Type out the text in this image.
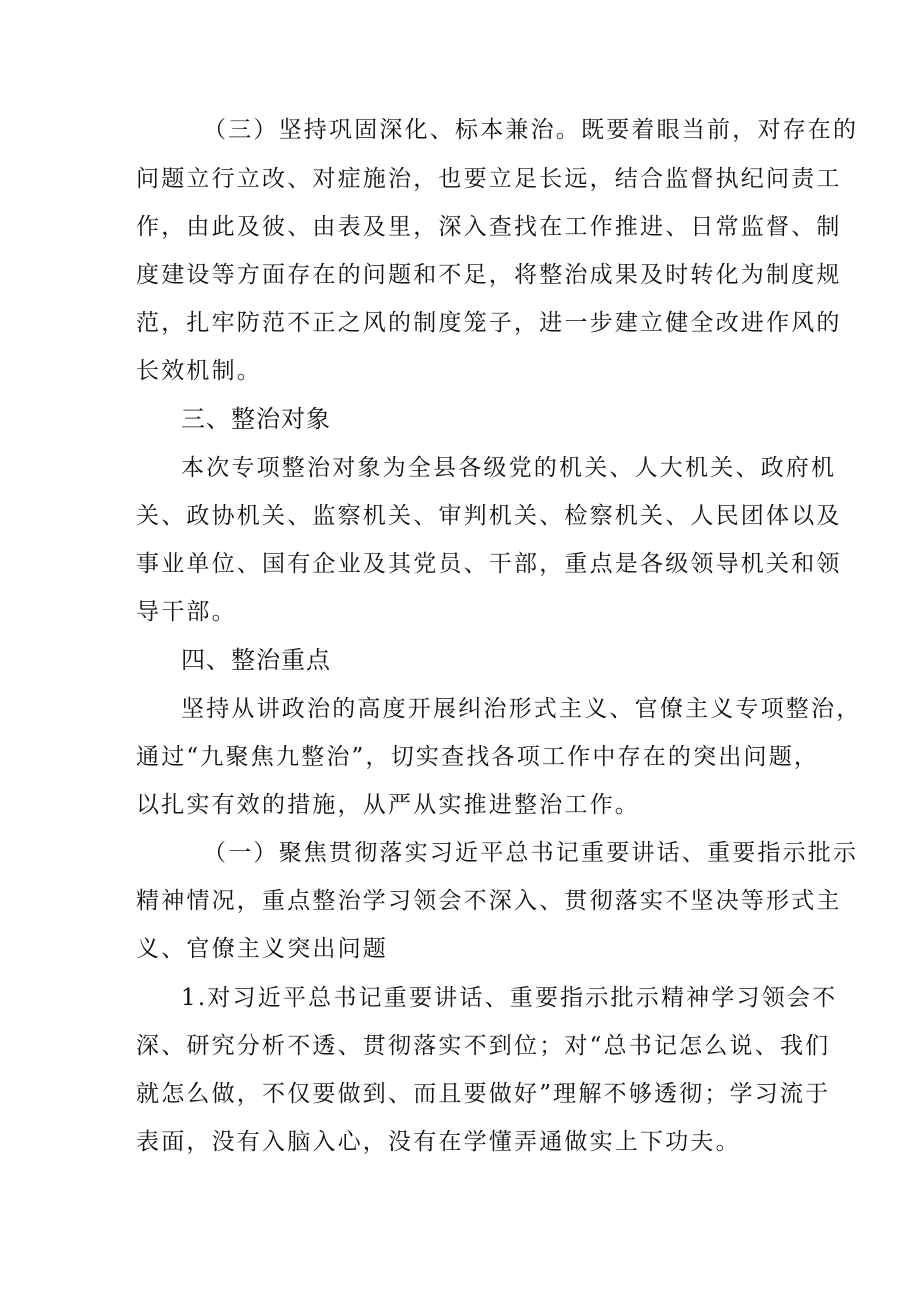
（三）坚持巩固深化、标本兼治。既要着眼当前，对存在的
问题立行立改、对症施治，也要立足长远，结合监督执纪问责工
作，由此及彼、由表及里，深入查找在工作推进、日常监督、制
度建设等方面存在的问题和不足，将整治成果及时转化为制度规
范，扎牢防范不正之风的制度笼子，进一步建立健全改进作风的
长效机制。
三、整治对象
本次专项整治对象为全县各级党的机关、人大机关、政府机
关、政协机关、监察机关、审判机关、检察机关、人民团体以及
事业单位、国有企业及其党员、干部，重点是各级领导机关和领
导干部。
四、整治重点
坚持从讲政治的高度开展纠治形式主义、官僚主义专项整治，
通过“九聚焦九整治”，切实查找各项工作中存在的突出问题，
以扎实有效的措施，从严从实推进整治工作。
（一）聚焦贯彻落实习近平总书记重要讲话、重要指示批示
精神情况，重点整治学习领会不深入、贯彻落实不坚决等形式主
义、官僚主义突出问题
1.对习近平总书记重要讲话、重要指示批示精神学习领会不
深、研究分析不透、贯彻落实不到位；对“总书记怎么说、我们
就怎么做，不仅要做到、而且要做好”理解不够透彻；学习流于
表面，没有入脑入心，没有在学懂弄通做实上下功夫。
